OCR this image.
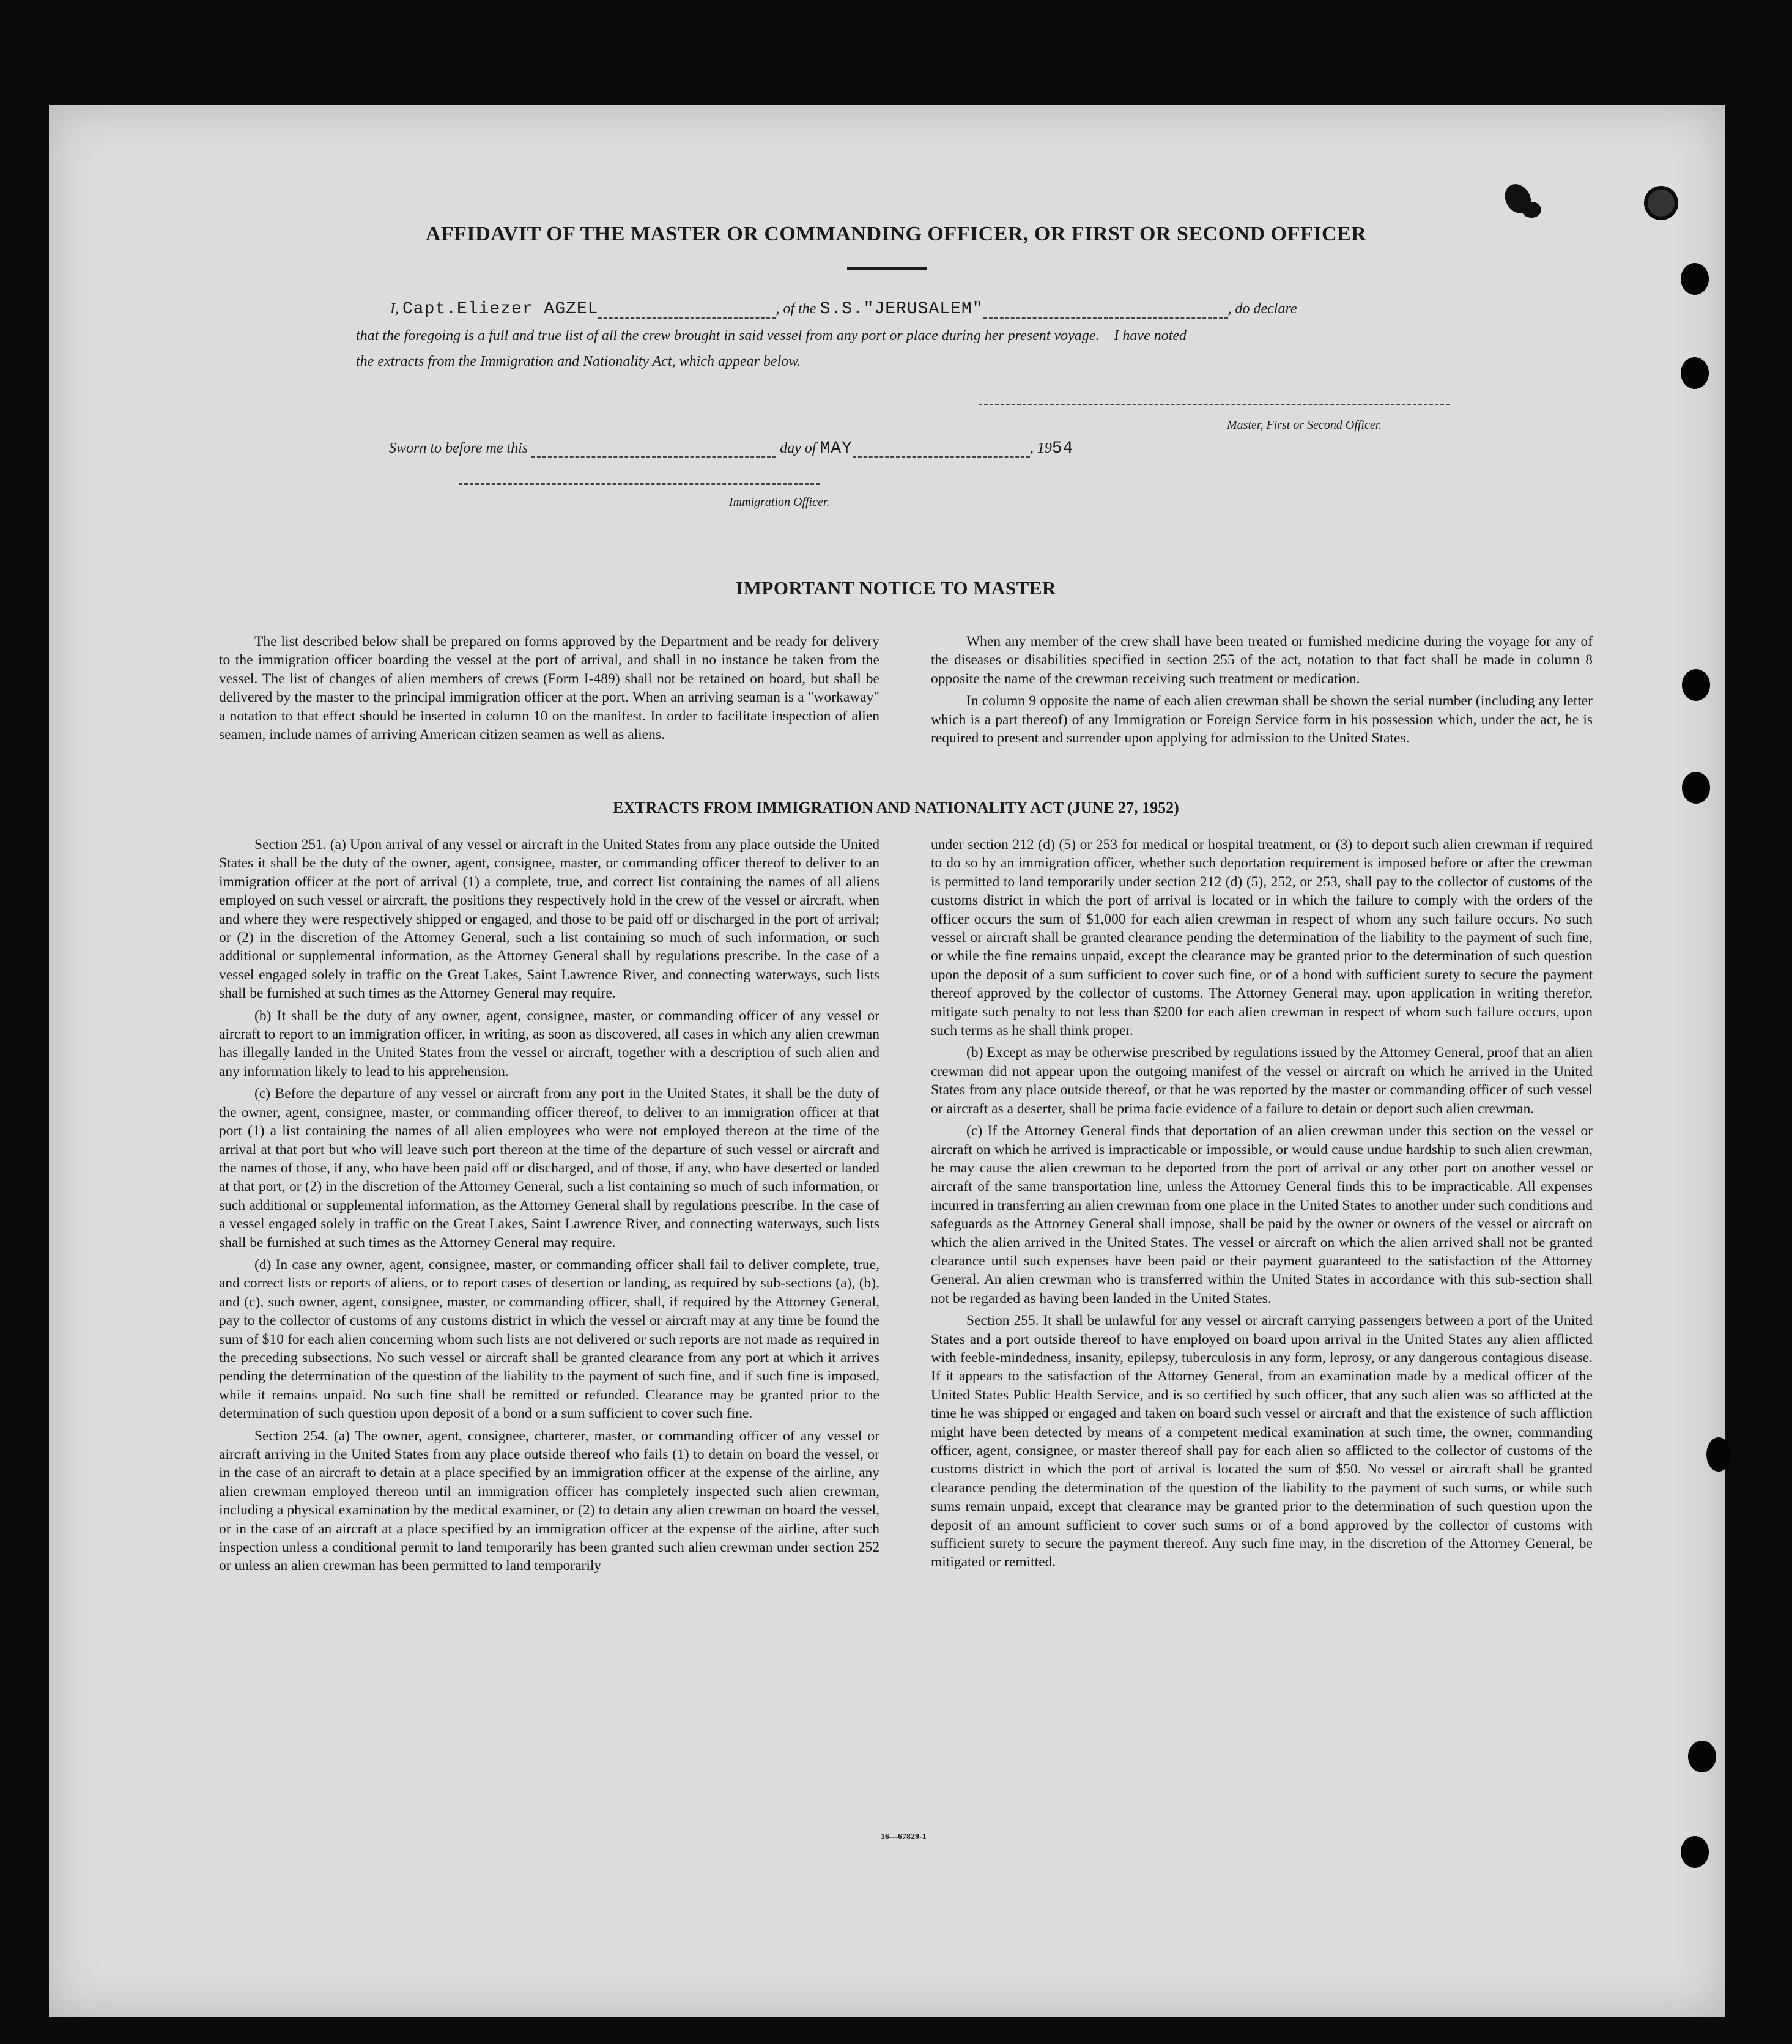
AFFIDAVIT OF THE MASTER OR COMMANDING OFFICER, OR FIRST OR SECOND OFFICER
I, Capt.Eliezer AGZEL	, of the S.S."JERUSALEM"	, do declare
that the foregoing is a full and true list of all the crew brought in said vessel from any port or place during her present voyage.    I have noted
the extracts from the Immigration and Nationality Act, which appear below.
Master, First or Second Officer.
Sworn to before me this	day of MAY	, 1954
Immigration Officer.
IMPORTANT NOTICE TO MASTER

The list described below shall be prepared on forms approved by the Department and be ready for delivery to the immigration officer boarding the vessel at the port of arrival, and shall in no instance be taken from the vessel. The list of changes of alien members of crews (Form I-489) shall not be retained on board, but shall be delivered by the master to the principal immigration officer at the port. When an arriving seaman is a "workaway" a notation to that effect should be inserted in column 10 on the manifest. In order to facilitate inspection of alien seamen, include names of arriving American citizen seamen as well as aliens.

When any member of the crew shall have been treated or furnished medicine during the voyage for any of the diseases or disabilities specified in section 255 of the act, notation to that fact shall be made in column 8 opposite the name of the crewman receiving such treatment or medication.

In column 9 opposite the name of each alien crewman shall be shown the serial number (including any letter which is a part thereof) of any Immigration or Foreign Service form in his possession which, under the act, he is required to present and surrender upon applying for admission to the United States.

EXTRACTS FROM IMMIGRATION AND NATIONALITY ACT (JUNE 27, 1952)

Section 251. (a) Upon arrival of any vessel or aircraft in the United States from any place outside the United States it shall be the duty of the owner, agent, consignee, master, or commanding officer thereof to deliver to an immigration officer at the port of arrival (1) a complete, true, and correct list containing the names of all aliens employed on such vessel or aircraft, the positions they respectively hold in the crew of the vessel or aircraft, when and where they were respectively shipped or engaged, and those to be paid off or discharged in the port of arrival; or (2) in the discretion of the Attorney General, such a list containing so much of such information, or such additional or supplemental information, as the Attorney General shall by regulations prescribe. In the case of a vessel engaged solely in traffic on the Great Lakes, Saint Lawrence River, and connecting waterways, such lists shall be furnished at such times as the Attorney General may require.

(b) It shall be the duty of any owner, agent, consignee, master, or commanding officer of any vessel or aircraft to report to an immigration officer, in writing, as soon as discovered, all cases in which any alien crewman has illegally landed in the United States from the vessel or aircraft, together with a description of such alien and any information likely to lead to his apprehension.

(c) Before the departure of any vessel or aircraft from any port in the United States, it shall be the duty of the owner, agent, consignee, master, or commanding officer thereof, to deliver to an immigration officer at that port (1) a list containing the names of all alien employees who were not employed thereon at the time of the arrival at that port but who will leave such port thereon at the time of the departure of such vessel or aircraft and the names of those, if any, who have been paid off or discharged, and of those, if any, who have deserted or landed at that port, or (2) in the discretion of the Attorney General, such a list containing so much of such information, or such additional or supplemental information, as the Attorney General shall by regulations prescribe. In the case of a vessel engaged solely in traffic on the Great Lakes, Saint Lawrence River, and connecting waterways, such lists shall be furnished at such times as the Attorney General may require.

(d) In case any owner, agent, consignee, master, or commanding officer shall fail to deliver complete, true, and correct lists or reports of aliens, or to report cases of desertion or landing, as required by sub-sections (a), (b), and (c), such owner, agent, consignee, master, or commanding officer, shall, if required by the Attorney General, pay to the collector of customs of any customs district in which the vessel or aircraft may at any time be found the sum of $10 for each alien concerning whom such lists are not delivered or such reports are not made as required in the preceding subsections. No such vessel or aircraft shall be granted clearance from any port at which it arrives pending the determination of the question of the liability to the payment of such fine, and if such fine is imposed, while it remains unpaid. No such fine shall be remitted or refunded. Clearance may be granted prior to the determination of such question upon deposit of a bond or a sum sufficient to cover such fine.

Section 254. (a) The owner, agent, consignee, charterer, master, or commanding officer of any vessel or aircraft arriving in the United States from any place outside thereof who fails (1) to detain on board the vessel, or in the case of an aircraft to detain at a place specified by an immigration officer at the expense of the airline, any alien crewman employed thereon until an immigration officer has completely inspected such alien crewman, including a physical examination by the medical examiner, or (2) to detain any alien crewman on board the vessel, or in the case of an aircraft at a place specified by an immigration officer at the expense of the airline, after such inspection unless a conditional permit to land temporarily has been granted such alien crewman under section 252 or unless an alien crewman has been permitted to land temporarily

under section 212 (d) (5) or 253 for medical or hospital treatment, or (3) to deport such alien crewman if required to do so by an immigration officer, whether such deportation requirement is imposed before or after the crewman is permitted to land temporarily under section 212 (d) (5), 252, or 253, shall pay to the collector of customs of the customs district in which the port of arrival is located or in which the failure to comply with the orders of the officer occurs the sum of $1,000 for each alien crewman in respect of whom any such failure occurs. No such vessel or aircraft shall be granted clearance pending the determination of the liability to the payment of such fine, or while the fine remains unpaid, except the clearance may be granted prior to the determination of such question upon the deposit of a sum sufficient to cover such fine, or of a bond with sufficient surety to secure the payment thereof approved by the collector of customs. The Attorney General may, upon application in writing therefor, mitigate such penalty to not less than $200 for each alien crewman in respect of whom such failure occurs, upon such terms as he shall think proper.

(b) Except as may be otherwise prescribed by regulations issued by the Attorney General, proof that an alien crewman did not appear upon the outgoing manifest of the vessel or aircraft on which he arrived in the United States from any place outside thereof, or that he was reported by the master or commanding officer of such vessel or aircraft as a deserter, shall be prima facie evidence of a failure to detain or deport such alien crewman.

(c) If the Attorney General finds that deportation of an alien crewman under this section on the vessel or aircraft on which he arrived is impracticable or impossible, or would cause undue hardship to such alien crewman, he may cause the alien crewman to be deported from the port of arrival or any other port on another vessel or aircraft of the same transportation line, unless the Attorney General finds this to be impracticable. All expenses incurred in transferring an alien crewman from one place in the United States to another under such conditions and safeguards as the Attorney General shall impose, shall be paid by the owner or owners of the vessel or aircraft on which the alien arrived in the United States. The vessel or aircraft on which the alien arrived shall not be granted clearance until such expenses have been paid or their payment guaranteed to the satisfaction of the Attorney General. An alien crewman who is transferred within the United States in accordance with this sub-section shall not be regarded as having been landed in the United States.

Section 255. It shall be unlawful for any vessel or aircraft carrying passengers between a port of the United States and a port outside thereof to have employed on board upon arrival in the United States any alien afflicted with feeble-mindedness, insanity, epilepsy, tuberculosis in any form, leprosy, or any dangerous contagious disease. If it appears to the satisfaction of the Attorney General, from an examination made by a medical officer of the United States Public Health Service, and is so certified by such officer, that any such alien was so afflicted at the time he was shipped or engaged and taken on board such vessel or aircraft and that the existence of such affliction might have been detected by means of a competent medical examination at such time, the owner, commanding officer, agent, consignee, or master thereof shall pay for each alien so afflicted to the collector of customs of the customs district in which the port of arrival is located the sum of $50. No vessel or aircraft shall be granted clearance pending the determination of the question of the liability to the payment of such sums, or while such sums remain unpaid, except that clearance may be granted prior to the determination of such question upon the deposit of an amount sufficient to cover such sums or of a bond approved by the collector of customs with sufficient surety to secure the payment thereof. Any such fine may, in the discretion of the Attorney General, be mitigated or remitted.

16—67829-1
